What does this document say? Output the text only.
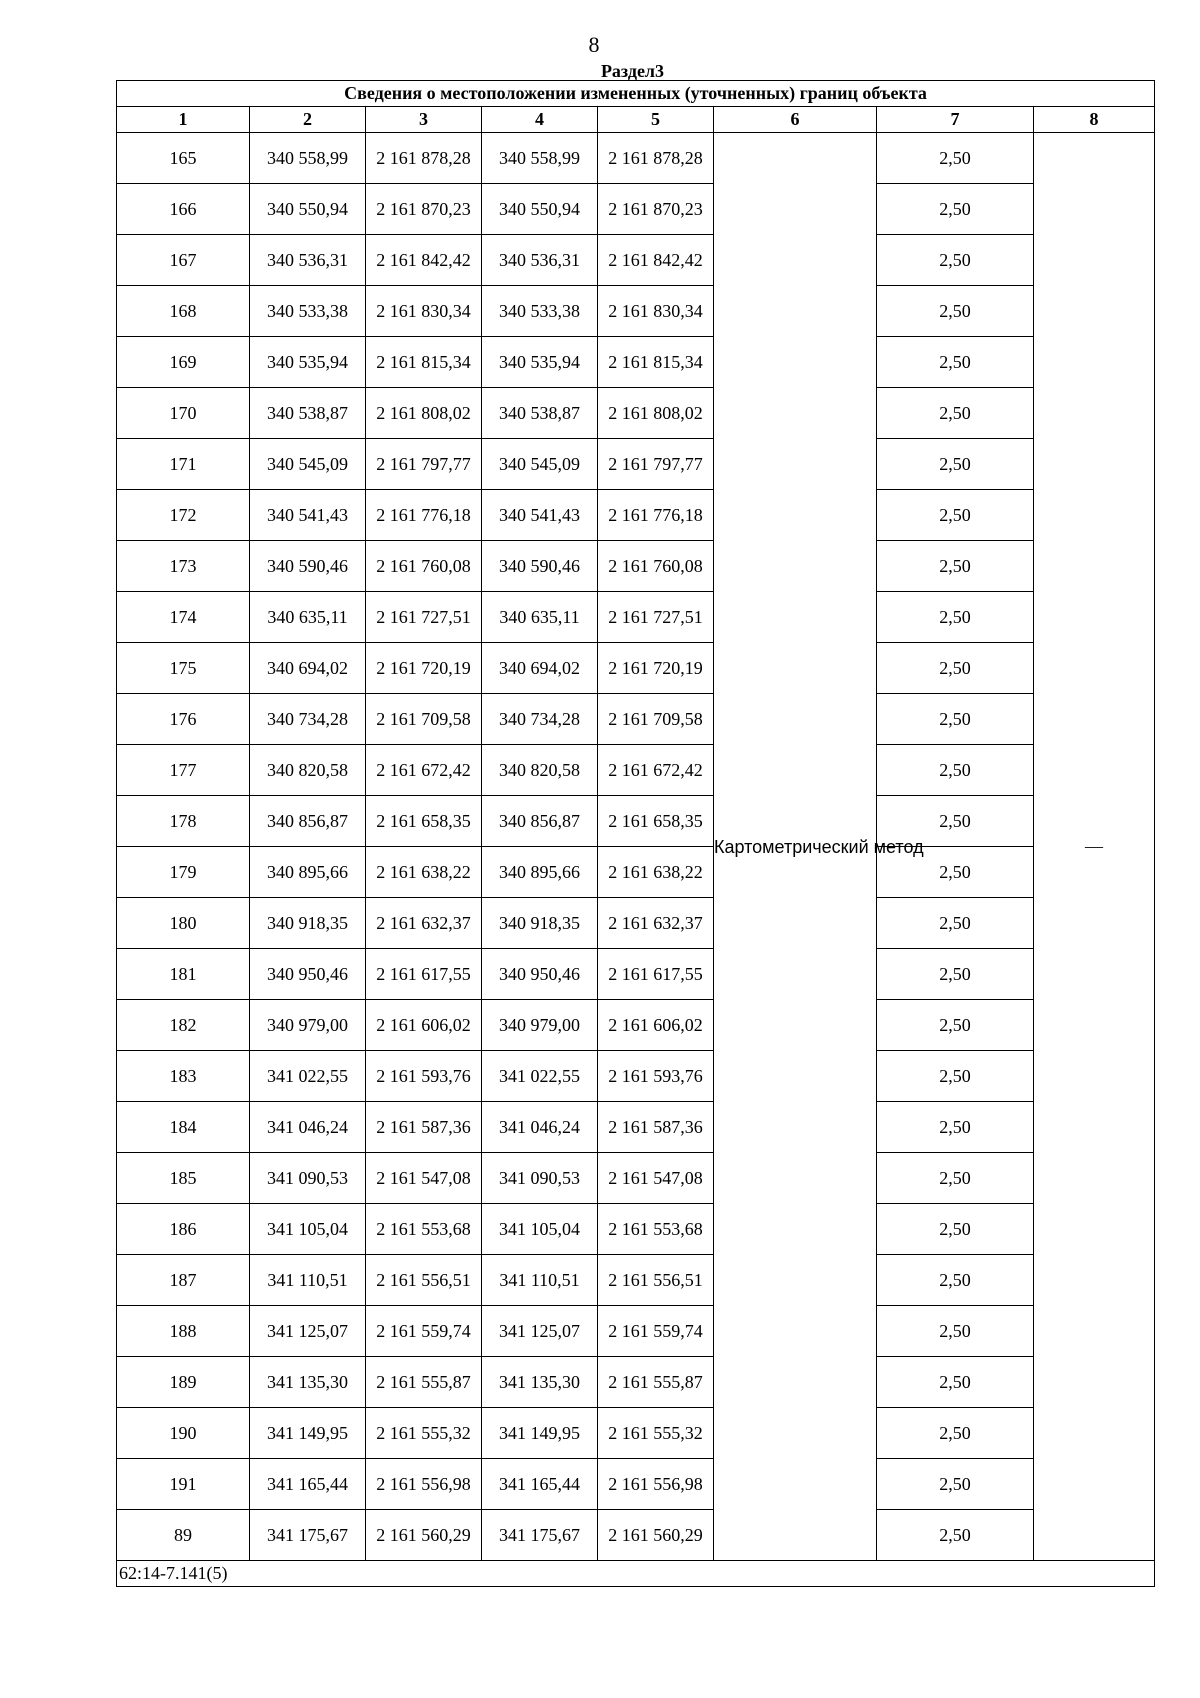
8
Раздел3
Сведения о местоположении измененных (уточненных) границ объекта							
1	2	3	4	5	6	7	8
165	340 558,99	2 161 878,28	340 558,99	2 161 878,28	Картометрический метод	2,50	—
166	340 550,94	2 161 870,23	340 550,94	2 161 870,23		2,50	
167	340 536,31	2 161 842,42	340 536,31	2 161 842,42		2,50	
168	340 533,38	2 161 830,34	340 533,38	2 161 830,34		2,50	
169	340 535,94	2 161 815,34	340 535,94	2 161 815,34		2,50	
170	340 538,87	2 161 808,02	340 538,87	2 161 808,02		2,50	
171	340 545,09	2 161 797,77	340 545,09	2 161 797,77		2,50	
172	340 541,43	2 161 776,18	340 541,43	2 161 776,18		2,50	
173	340 590,46	2 161 760,08	340 590,46	2 161 760,08		2,50	
174	340 635,11	2 161 727,51	340 635,11	2 161 727,51		2,50	
175	340 694,02	2 161 720,19	340 694,02	2 161 720,19		2,50	
176	340 734,28	2 161 709,58	340 734,28	2 161 709,58		2,50	
177	340 820,58	2 161 672,42	340 820,58	2 161 672,42		2,50	
178	340 856,87	2 161 658,35	340 856,87	2 161 658,35		2,50	
179	340 895,66	2 161 638,22	340 895,66	2 161 638,22		2,50	
180	340 918,35	2 161 632,37	340 918,35	2 161 632,37		2,50	
181	340 950,46	2 161 617,55	340 950,46	2 161 617,55		2,50	
182	340 979,00	2 161 606,02	340 979,00	2 161 606,02		2,50	
183	341 022,55	2 161 593,76	341 022,55	2 161 593,76		2,50	
184	341 046,24	2 161 587,36	341 046,24	2 161 587,36		2,50	
185	341 090,53	2 161 547,08	341 090,53	2 161 547,08		2,50	
186	341 105,04	2 161 553,68	341 105,04	2 161 553,68		2,50	
187	341 110,51	2 161 556,51	341 110,51	2 161 556,51		2,50	
188	341 125,07	2 161 559,74	341 125,07	2 161 559,74		2,50	
189	341 135,30	2 161 555,87	341 135,30	2 161 555,87		2,50	
190	341 149,95	2 161 555,32	341 149,95	2 161 555,32		2,50	
191	341 165,44	2 161 556,98	341 165,44	2 161 556,98		2,50	
89	341 175,67	2 161 560,29	341 175,67	2 161 560,29		2,50	
62:14-7.141(5)							
